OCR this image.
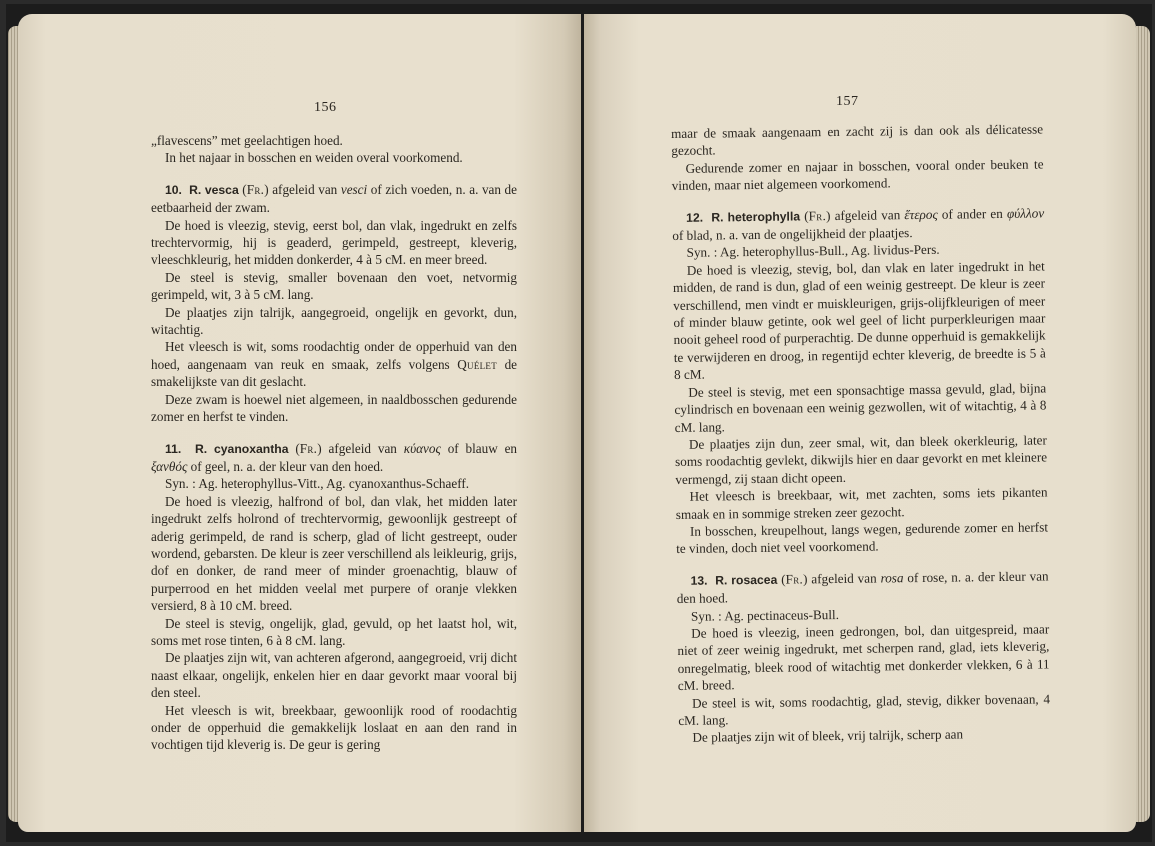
156

„flavescens” met geelachtigen hoed.

In het najaar in bosschen en weiden overal voorkomend.

10. R. vesca (Fr.) afgeleid van vesci of zich voeden, n. a. van de eetbaarheid der zwam.

De hoed is vleezig, stevig, eerst bol, dan vlak, ingedrukt en zelfs trechtervormig, hij is geaderd, gerimpeld, gestreept, kleverig, vleeschkleurig, het midden donkerder, 4 à 5 cM. en meer breed.

De steel is stevig, smaller bovenaan den voet, netvormig gerimpeld, wit, 3 à 5 cM. lang.

De plaatjes zijn talrijk, aangegroeid, ongelijk en gevorkt, dun, witachtig.

Het vleesch is wit, soms roodachtig onder de opperhuid van den hoed, aangenaam van reuk en smaak, zelfs volgens Quélet de smakelijkste van dit geslacht.

Deze zwam is hoewel niet algemeen, in naaldbosschen gedurende zomer en herfst te vinden.

11. R. cyanoxantha (Fr.) afgeleid van κύανος of blauw en ξανθός of geel, n. a. der kleur van den hoed.

Syn. : Ag. heterophyllus-Vitt., Ag. cyanoxanthus-Schaeff.

De hoed is vleezig, halfrond of bol, dan vlak, het midden later ingedrukt zelfs holrond of trechtervormig, gewoonlijk gestreept of aderig gerimpeld, de rand is scherp, glad of licht gestreept, ouder wordend, gebarsten. De kleur is zeer verschillend als leikleurig, grijs, dof en donker, de rand meer of minder groenachtig, blauw of purperrood en het midden veelal met purpere of oranje vlekken versierd, 8 à 10 cM. breed.

De steel is stevig, ongelijk, glad, gevuld, op het laatst hol, wit, soms met rose tinten, 6 à 8 cM. lang.

De plaatjes zijn wit, van achteren afgerond, aangegroeid, vrij dicht naast elkaar, ongelijk, enkelen hier en daar gevorkt maar vooral bij den steel.

Het vleesch is wit, breekbaar, gewoonlijk rood of roodachtig onder de opperhuid die gemakkelijk loslaat en aan den rand in vochtigen tijd kleverig is. De geur is gering

157

maar de smaak aangenaam en zacht zij is dan ook als délicatesse gezocht.

Gedurende zomer en najaar in bosschen, vooral onder beuken te vinden, maar niet algemeen voorkomend.

12. R. heterophylla (Fr.) afgeleid van ἕτερος of ander en φύλλον of blad, n. a. van de ongelijkheid der plaatjes.

Syn. : Ag. heterophyllus-Bull., Ag. lividus-Pers.

De hoed is vleezig, stevig, bol, dan vlak en later ingedrukt in het midden, de rand is dun, glad of een weinig gestreept. De kleur is zeer verschillend, men vindt er muiskleurigen, grijs-olijfkleurigen of meer of minder blauw getinte, ook wel geel of licht purperkleurigen maar nooit geheel rood of purperachtig. De dunne opperhuid is gemakkelijk te verwijderen en droog, in regentijd echter kleverig, de breedte is 5 à 8 cM.

De steel is stevig, met een sponsachtige massa gevuld, glad, bijna cylindrisch en bovenaan een weinig gezwollen, wit of witachtig, 4 à 8 cM. lang.

De plaatjes zijn dun, zeer smal, wit, dan bleek okerkleurig, later soms roodachtig gevlekt, dikwijls hier en daar gevorkt en met kleinere vermengd, zij staan dicht opeen.

Het vleesch is breekbaar, wit, met zachten, soms iets pikanten smaak en in sommige streken zeer gezocht.

In bosschen, kreupelhout, langs wegen, gedurende zomer en herfst te vinden, doch niet veel voorkomend.

13. R. rosacea (Fr.) afgeleid van rosa of rose, n. a. der kleur van den hoed.

Syn. : Ag. pectinaceus-Bull.

De hoed is vleezig, ineen gedrongen, bol, dan uitgespreid, maar niet of zeer weinig ingedrukt, met scherpen rand, glad, iets kleverig, onregelmatig, bleek rood of witachtig met donkerder vlekken, 6 à 11 cM. breed.

De steel is wit, soms roodachtig, glad, stevig, dikker bovenaan, 4 cM. lang.

De plaatjes zijn wit of bleek, vrij talrijk, scherp aan
